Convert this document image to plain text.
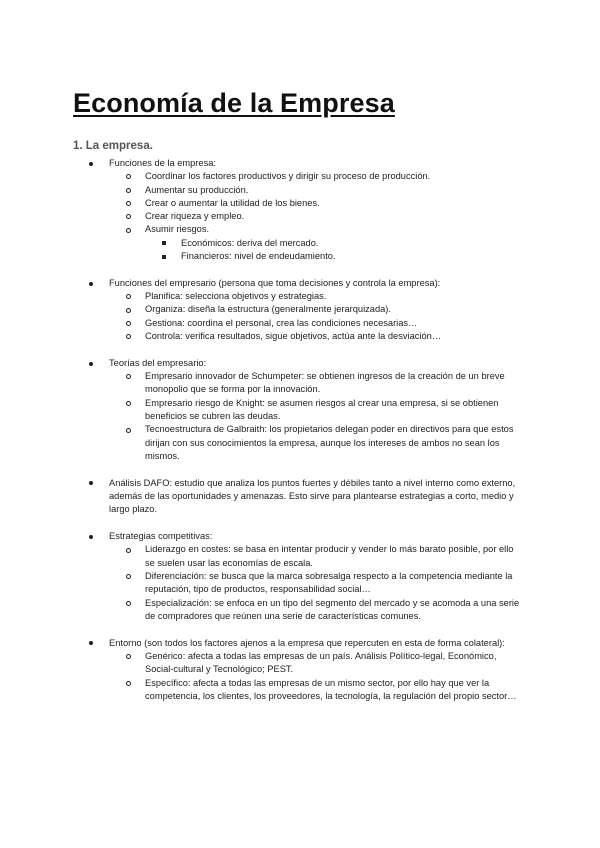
Economía de la Empresa
1. La empresa.
Funciones de la empresa:
Coordinar los factores productivos y dirigir su proceso de producción.
Aumentar su producción.
Crear o aumentar la utilidad de los bienes.
Crear riqueza y empleo.
Asumir riesgos.
Económicos: deriva del mercado.
Financieros: nivel de endeudamiento.
Funciones del empresario (persona que toma decisiones y controla la empresa):
Planifica: selecciona objetivos y estrategias.
Organiza: diseña la estructura (generalmente jerarquizada).
Gestiona: coordina el personal, crea las condiciones necesarias…
Controla: verifica resultados, sigue objetivos, actúa ante la desviación…
Teorías del empresario:
Empresario innovador de Schumpeter: se obtienen ingresos de la creación de un breve monopolio que se forma por la innovación.
Empresario riesgo de Knight: se asumen riesgos al crear una empresa, si se obtienen beneficios se cubren las deudas.
Tecnoestructura de Galbraith: los propietarios delegan poder en directivos para que estos dirijan con sus conocimientos la empresa, aunque los intereses de ambos no sean los mismos.
Análisis DAFO: estudio que analiza los puntos fuertes y débiles tanto a nivel interno como externo, además de las oportunidades y amenazas. Esto sirve para plantearse estrategias a corto, medio y largo plazo.
Estrategias competitivas:
Liderazgo en costes: se basa en intentar producir y vender lo más barato posible, por ello se suelen usar las economías de escala.
Diferenciación: se busca que la marca sobresalga respecto a la competencia mediante la reputación, tipo de productos, responsabilidad social…
Especialización: se enfoca en un tipo del segmento del mercado y se acomoda a una serie de compradores que reúnen una serie de características comunes.
Entorno (son todos los factores ajenos a la empresa que repercuten en esta de forma colateral):
Genérico: afecta a todas las empresas de un país. Análisis Político-legal, Económico, Social-cultural y Tecnológico; PEST.
Específico: afecta a todas las empresas de un mismo sector, por ello hay que ver la competencia, los clientes, los proveedores, la tecnología, la regulación del propio sector…
